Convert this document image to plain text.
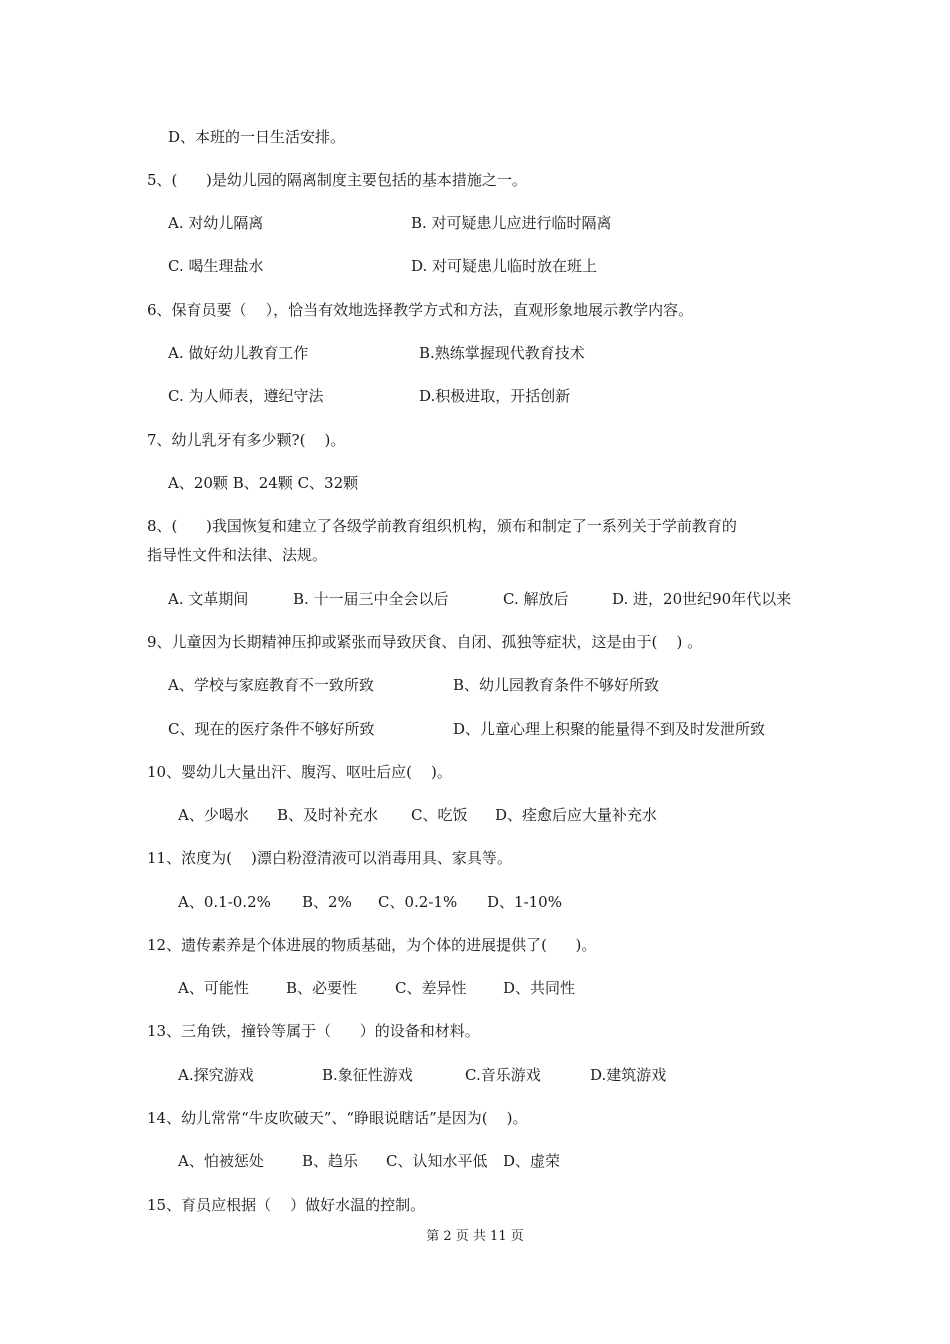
D、本班的一日生活安排。
5、(      )是幼儿园的隔离制度主要包括的基本措施之一。
A. 对幼儿隔离	B. 对可疑患儿应进行临时隔离
C. 喝生理盐水	D. 对可疑患儿临时放在班上
6、保育员要（    ），恰当有效地选择教学方式和方法，直观形象地展示教学内容。
A. 做好幼儿教育工作	B.熟练掌握现代教育技术
C. 为人师表，遵纪守法	D.积极进取，开括创新
7、幼儿乳牙有多少颗?(    )。
A、20颗 B、24颗 C、32颗
8、(      )我国恢复和建立了各级学前教育组织机构，颁布和制定了一系列关于学前教育的
指导性文件和法律、法规。
A. 文革期间	B. 十一届三中全会以后	C. 解放后	D. 进，20世纪90年代以来
9、儿童因为长期精神压抑或紧张而导致厌食、自闭、孤独等症状，这是由于(    ) 。
A、学校与家庭教育不一致所致	B、幼儿园教育条件不够好所致
C、现在的医疗条件不够好所致	D、儿童心理上积聚的能量得不到及时发泄所致
10、婴幼儿大量出汗、腹泻、呕吐后应(    )。
A、少喝水 B、及时补充水 C、吃饭 D、痊愈后应大量补充水
11、浓度为(    )漂白粉澄清液可以消毒用具、家具等。
A、0.1-0.2% B、2% C、0.2-1% D、1-10%
12、遗传素养是个体进展的物质基础，为个体的进展提供了(      )。
A、可能性 B、必要性	C、差异性 D、共同性
13、三角铁，撞铃等属于（      ）的设备和材料。
A.探究游戏	B.象征性游戏	C.音乐游戏	D.建筑游戏
14、幼儿常常“牛皮吹破天”、“睁眼说瞎话”是因为(    )。
A、怕被惩处	B、趋乐 C、认知水平低 D、虚荣
15、育员应根据（    ）做好水温的控制。
第 2 页 共 11 页
